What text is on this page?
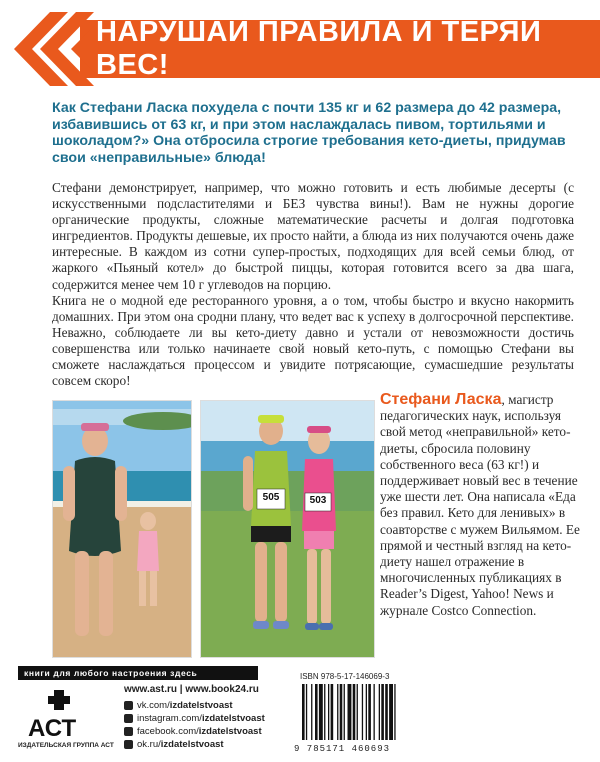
НАРУШАЙ ПРАВИЛА И ТЕРЯЙ ВЕС!
Как Стефани Ласка похудела с почти 135 кг и 62 размера до 42 размера, избавившись от 63 кг, и при этом наслаждалась пивом, тортильями и шоколадом?» Она отбросила строгие требования кето-диеты, придумав свои «неправильные» блюда!

Стефани демонстрирует, например, что можно готовить и есть любимые десерты (с искусственными подсластителями и БЕЗ чувства вины!). Вам не нужны дорогие органические продукты, сложные математические расчеты и долгая подготовка ингредиентов. Продукты дешевые, их просто найти, а блюда из них получаются очень даже интересные. В каждом из сотни супер-простых, подходящих для всей семьи блюд, от жаркого «Пьяный котел» до быстрой пиццы, которая готовится всего за два шага, содержится менее чем 10 г углеводов на порцию.

Книга не о модной еде ресторанного уровня, а о том, чтобы быстро и вкусно накормить домашних. При этом она сродни плану, что ведет вас к успеху в долгосрочной перспективе. Неважно, соблюдаете ли вы кето-диету давно и устали от невозможности достичь совершенства или только начинаете свой новый кето-путь, с помощью Стефани вы сможете наслаждаться процессом и увидите потрясающие, сумасшедшие результаты совсем скоро!

505	503
Стефани Ласка, магистр педагогических наук, используя свой метод «неправильной» кето-диеты, сбросила половину собственного веса (63 кг!) и поддерживает новый вес в течение уже шести лет. Она написала «Еда без правил. Кето для ленивых» в соавторстве с мужем Вильямом. Ее прямой и честный взгляд на кето-диету нашел отражение в многочисленных публикациях в Reader’s Digest, Yahoo! News и журнале Costco Connection.
книги для любого настроения здесь
АСТ
ИЗДАТЕЛЬСКАЯ ГРУППА АСТ
www.ast.ru | www.book24.ru
vk.com/ izdatelstvoast
instagram.com/ izdatelstvoast
facebook.com/ izdatelstvoast
ok.ru/ izdatelstvoast
ISBN 978-5-17-146069-3
9 785171 460693
